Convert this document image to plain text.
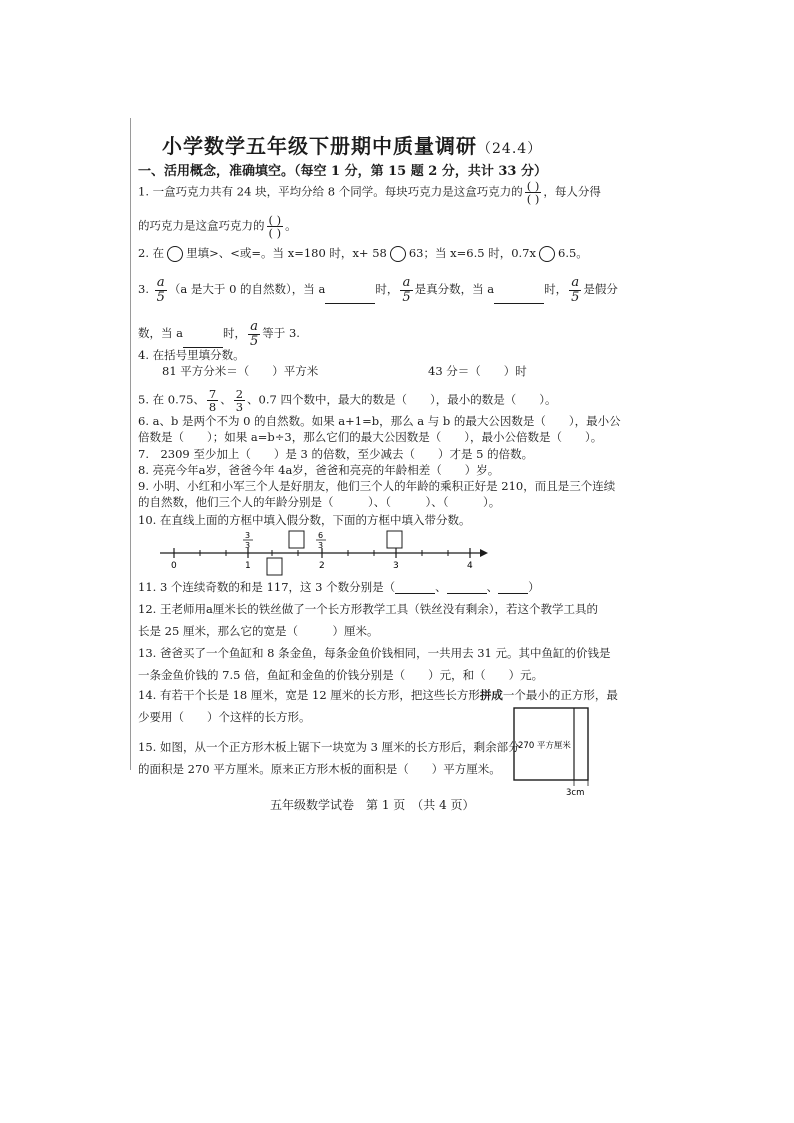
小学数学五年级下册期中质量调研（24.4）
一、活用概念，准确填空。（每空 1 分，第 15 题 2 分，共计 33 分）
1. 一盒巧克力共有 24 块，平均分给 8 个同学。每块巧克力是这盒巧克力的 $\frac{( )}{( )}$ ，每人分得
的巧克力是这盒巧克力的 $\frac{( )}{( )}$ 。
2. 在 里填>、<或=。当 x=180 时，x+ 58 63；当 x=6.5 时，0.7x 6.5。
3. $\frac{a}{5} (a$ 是大于 0 的自然数），当 a	时， $\frac{a}{5}$ 是真分数，当 a	时， $\frac{a}{5}$ 是假分
数，当 a	时， $\frac{a}{5}$ 等于 3.
4. 在括号里填分数。
81 平方分米＝（　　）平方米	43 分＝（　　）时
5. 在 0.75、 $\frac{7}{8}$ 、 $\frac{2}{3}$ 、0.7 四个数中，最大的数是（　　），最小的数是（　　）。
6. a、b 是两个不为 0 的自然数。如果 a+1=b，那么 a 与 b 的最大公因数是（　　），最小公
倍数是（　　）；如果 a=b÷3，那么它们的最大公因数是（　　），最小公倍数是（　　）。
7.　2309 至少加上（　　）是 3 的倍数，至少减去（　　）才是 5 的倍数。
8. 亮亮今年a岁，爸爸今年 4a岁，爸爸和亮亮的年龄相差（　　）岁。
9. 小明、小红和小军三个人是好朋友，他们三个人的年龄的乘积正好是 210，而且是三个连续
的自然数，他们三个人的年龄分别是（　　　）、（　　　）、（　　　）。
10. 在直线上面的方框中填入假分数，下面的方框中填入带分数。
0	1	2	3	4
3
3
6
3
11. 3 个连续奇数的和是 117，这 3 个数分别是（	、	、	）
12. 王老师用a厘米长的铁丝做了一个长方形教学工具（铁丝没有剩余），若这个教学工具的
长是 25 厘米，那么它的宽是（　　　）厘米。
13. 爸爸买了一个鱼缸和 8 条金鱼，每条金鱼价钱相同，一共用去 31 元。其中鱼缸的价钱是
一条金鱼价钱的 7.5 倍，鱼缸和金鱼的价钱分别是（　　）元，和（　　）元。
14. 有若干个长是 18 厘米，宽是 12 厘米的长方形，把这些长方形拼成一个最小的正方形，最
少要用（　　）个这样的长方形。
15. 如图，从一个正方形木板上锯下一块宽为 3 厘米的长方形后，剩余部分
的面积是 270 平方厘米。原来正方形木板的面积是（　　）平方厘米。
270 平方厘米
3cm
五年级数学试卷　第 1 页　（共 4 页）
